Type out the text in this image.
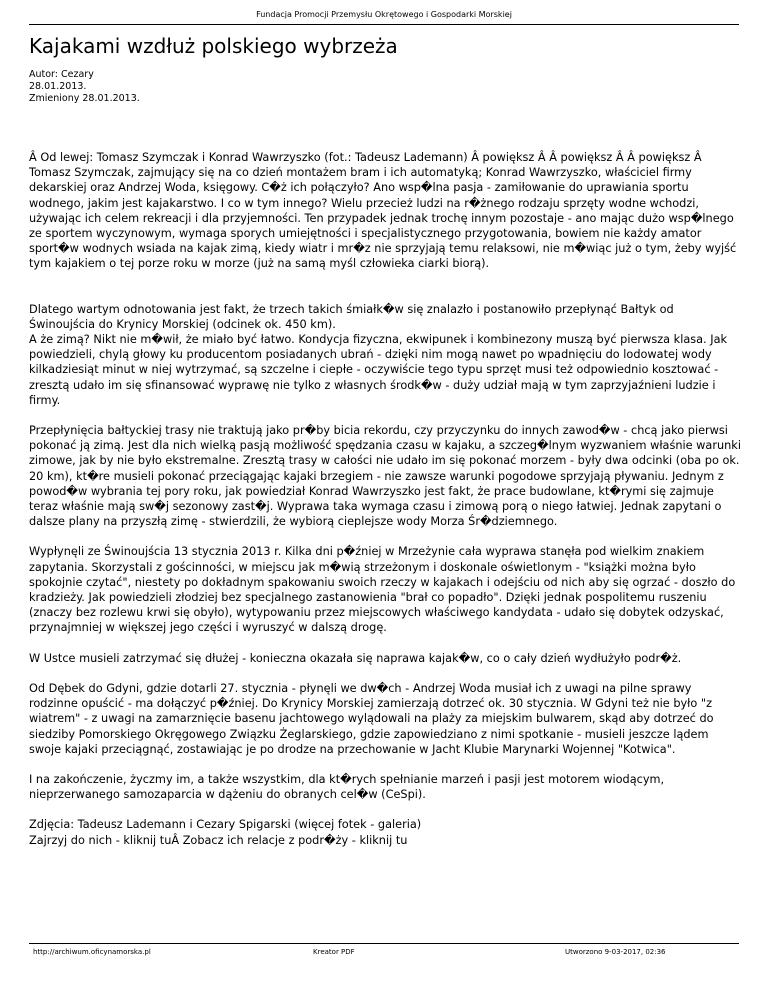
Fundacja Promocji Przemysłu Okrętowego i Gospodarki Morskiej
Kajakami wzdłuż polskiego wybrzeża
Autor: Cezary
28.01.2013.
Zmieniony 28.01.2013.

Â Od lewej: Tomasz Szymczak i Konrad Wawrzyszko (fot.: Tadeusz Lademann) Â powiększ Â Â powiększ Â Â powiększ Â Tomasz Szymczak, zajmujący się na co dzień montażem bram i ich automatyką; Konrad Wawrzyszko, właściciel firmy dekarskiej oraz Andrzej Woda, księgowy. C�ż ich połączyło? Ano wsp�lna pasja - zamiłowanie do uprawiania sportu wodnego, jakim jest kajakarstwo. I co w tym innego? Wielu przecież ludzi na r�żnego rodzaju sprzęty wodne wchodzi, używając ich celem rekreacji i dla przyjemności. Ten przypadek jednak trochę innym pozostaje - ano mając dużo wsp�lnego ze sportem wyczynowym, wymaga sporych umiejętności i specjalistycznego przygotowania, bowiem nie każdy amator sport�w wodnych wsiada na kajak zimą, kiedy wiatr i mr�z nie sprzyjają temu relaksowi, nie m�wiąc już o tym, żeby wyjść tym kajakiem o tej porze roku w morze (już na samą myśl człowieka ciarki biorą).

Dlatego wartym odnotowania jest fakt, że trzech takich śmiałk�w się znalazło i postanowiło przepłynąć Bałtyk od Świnoujścia do Krynicy Morskiej (odcinek ok. 450 km).
A że zimą? Nikt nie m�wił, że miało być łatwo. Kondycja fizyczna, ekwipunek i kombinezony muszą być pierwsza klasa. Jak powiedzieli, chylą głowy ku producentom posiadanych ubrań - dzięki nim mogą nawet po wpadnięciu do lodowatej wody kilkadziesiąt minut w niej wytrzymać, są szczelne i ciepłe - oczywiście tego typu sprzęt musi też odpowiednio kosztować - zresztą udało im się sfinansować wyprawę nie tylko z własnych środk�w - duży udział mają w tym zaprzyjaźnieni ludzie i firmy.

Przepłynięcia bałtyckiej trasy nie traktują jako pr�by bicia rekordu, czy przyczynku do innych zawod�w - chcą jako pierwsi pokonać ją zimą. Jest dla nich wielką pasją możliwość spędzania czasu w kajaku, a szczeg�lnym wyzwaniem właśnie warunki zimowe, jak by nie było ekstremalne. Zresztą trasy w całości nie udało im się pokonać morzem - były dwa odcinki (oba po ok. 20 km), kt�re musieli pokonać przeciągając kajaki brzegiem - nie zawsze warunki pogodowe sprzyjają pływaniu. Jednym z powod�w wybrania tej pory roku, jak powiedział Konrad Wawrzyszko jest fakt, że prace budowlane, kt�rymi się zajmuje teraz właśnie mają sw�j sezonowy zast�j. Wyprawa taka wymaga czasu i zimową porą o niego łatwiej. Jednak zapytani o dalsze plany na przyszłą zimę - stwierdzili, że wybiorą cieplejsze wody Morza Śr�dziemnego.

Wypłynęli ze Świnoujścia 13 stycznia 2013 r. Kilka dni p�źniej w Mrzeżynie cała wyprawa stanęła pod wielkim znakiem zapytania. Skorzystali z gościnności, w miejscu jak m�wią strzeżonym i doskonale oświetlonym - "książki można było spokojnie czytać", niestety po dokładnym spakowaniu swoich rzeczy w kajakach i odejściu od nich aby się ogrzać - doszło do kradzieży. Jak powiedzieli złodziej bez specjalnego zastanowienia "brał co popadło". Dzięki jednak pospolitemu ruszeniu (znaczy bez rozlewu krwi się obyło), wytypowaniu przez miejscowych właściwego kandydata - udało się dobytek odzyskać, przynajmniej w większej jego części i wyruszyć w dalszą drogę.

W Ustce musieli zatrzymać się dłużej - konieczna okazała się naprawa kajak�w, co o cały dzień wydłużyło podr�ż.

Od Dębek do Gdyni, gdzie dotarli 27. stycznia - płynęli we dw�ch - Andrzej Woda musiał ich z uwagi na pilne sprawy rodzinne opuścić - ma dołączyć p�źniej. Do Krynicy Morskiej zamierzają dotrzeć ok. 30 stycznia. W Gdyni też nie było "z wiatrem" - z uwagi na zamarznięcie basenu jachtowego wylądowali na plaży za miejskim bulwarem, skąd aby dotrzeć do siedziby Pomorskiego Okręgowego Związku Żeglarskiego, gdzie zapowiedziano z nimi spotkanie - musieli jeszcze lądem swoje kajaki przeciągnąć, zostawiając je po drodze na przechowanie w Jacht Klubie Marynarki Wojennej "Kotwica".

I na zakończenie, życzmy im, a także wszystkim, dla kt�rych spełnianie marzeń i pasji jest motorem wiodącym, nieprzerwanego samozaparcia w dążeniu do obranych cel�w (CeSpi).

Zdjęcia: Tadeusz Lademann i Cezary Spigarski (więcej fotek - galeria)
Zajrzyj do nich - kliknij tuÂ Zobacz ich relacje z podr�ży - kliknij tu

http://archiwum.oficynamorska.pl	Kreator PDF	Utworzono 9-03-2017, 02:36
